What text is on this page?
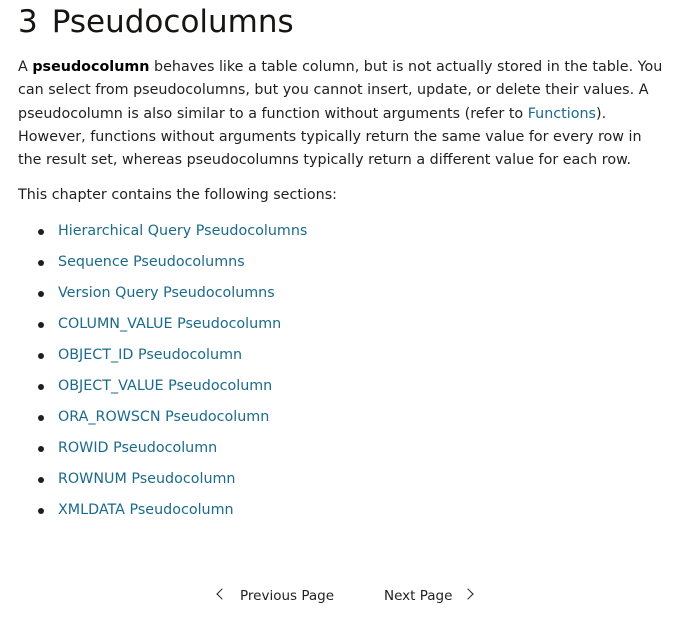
3 Pseudocolumns

A pseudocolumn behaves like a table column, but is not actually stored in the table. You can select from pseudocolumns, but you cannot insert, update, or delete their values. A pseudocolumn is also similar to a function without arguments (refer to Functions). However, functions without arguments typically return the same value for every row in the result set, whereas pseudocolumns typically return a different value for each row.

This chapter contains the following sections:

Hierarchical Query Pseudocolumns
Sequence Pseudocolumns
Version Query Pseudocolumns
COLUMN_VALUE Pseudocolumn
OBJECT_ID Pseudocolumn
OBJECT_VALUE Pseudocolumn
ORA_ROWSCN Pseudocolumn
ROWID Pseudocolumn
ROWNUM Pseudocolumn
XMLDATA Pseudocolumn
Previous Page	Next Page
